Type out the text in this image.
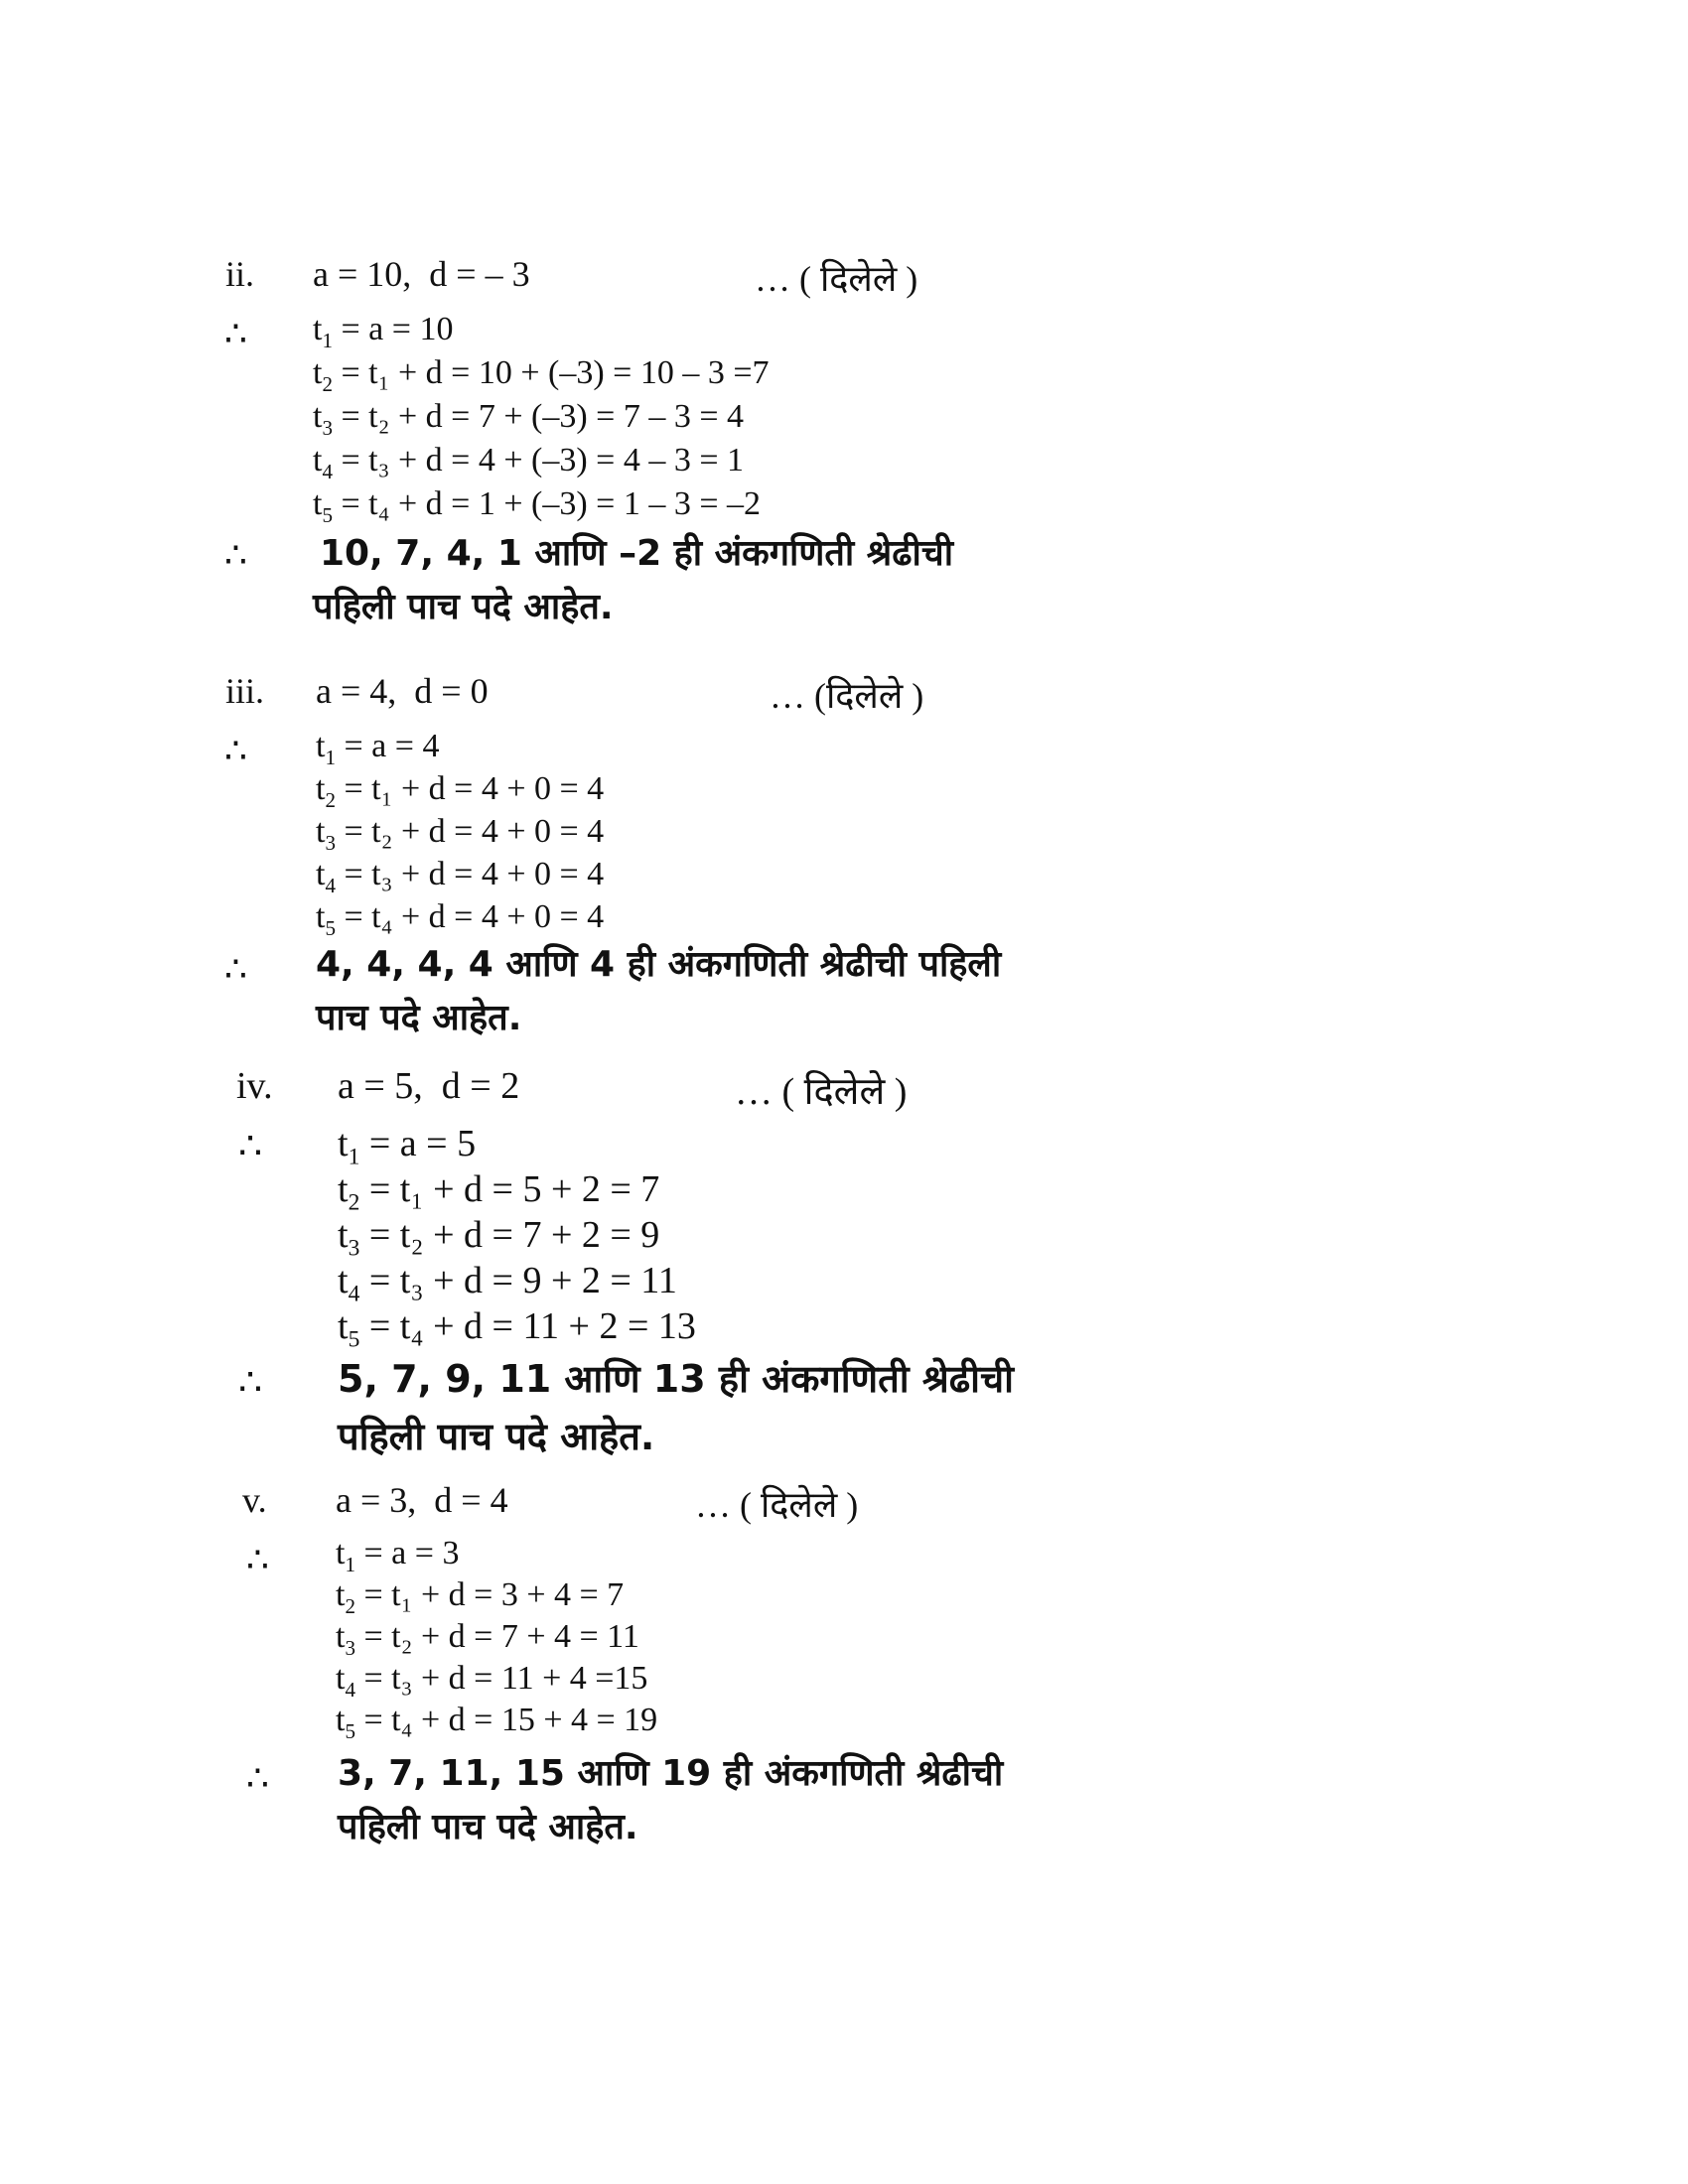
ii. a = 10,  d = – 3	… ( दिलेले )
∴ $t_1 = a = 10$
$t_2 = t_1 + d = 10 + (-3) = 10 - 3 =7$
$t_3 = t_2 + d = 7 + (-3) = 7 - 3 = 4$
$t_4 = t_3 + d = 4 + (-3) = 4 - 3 = 1$
$t_5 = t_4 + d = 1 + (-3) = 1 - 3 = -2$
∴ 10, 7, 4, 1 आणि –2 ही अंकगणिती श्रेढीची
पहिली पाच पदे आहेत.
iii. a = 4,  d = 0	… (दिलेले )
∴ $t_1 = a = 4$
$t_2 = t_1 + d = 4 + 0 = 4$
$t_3 = t_2 + d = 4 + 0 = 4$
$t_4 = t_3 + d = 4 + 0 = 4$
$t_5 = t_4 + d = 4 + 0 = 4$
∴ 4, 4, 4, 4 आणि 4 ही अंकगणिती श्रेढीची पहिली
पाच पदे आहेत.
iv. a = 5,  d = 2	… ( दिलेले )
∴ $t_1 = a = 5$
$t_2 = t_1 + d = 5 + 2 = 7$
$t_3 = t_2 + d = 7 + 2 = 9$
$t_4 = t_3 + d = 9 + 2 = 11$
$t_5 = t_4 + d = 11 + 2 = 13$
∴ 5, 7, 9, 11 आणि 13 ही अंकगणिती श्रेढीची
पहिली पाच पदे आहेत.
v. a = 3,  d = 4	… ( दिलेले )
∴ $t_1 = a = 3$
$t_2 = t_1 + d = 3 + 4 = 7$
$t_3 = t_2 + d = 7 + 4 = 11$
$t_4 = t_3 + d = 11 + 4 =15$
$t_5 = t_4 + d = 15 + 4 = 19$
∴ 3, 7, 11, 15 आणि 19 ही अंकगणिती श्रेढीची
पहिली पाच पदे आहेत.
